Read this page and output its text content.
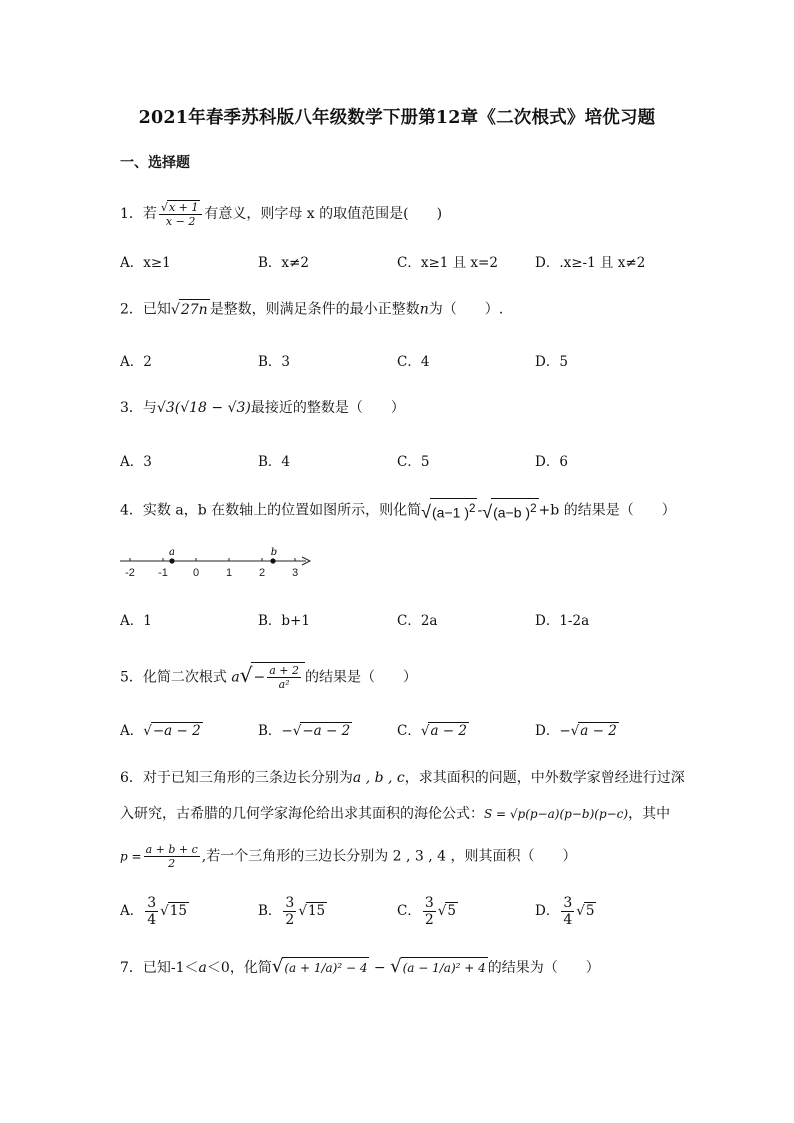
2021年春季苏科版八年级数学下册第12章《二次根式》培优习题
一、选择题
1．若 $\frac{√x + 1}{x - 2}$ 有意义，则字母 x 的取值范围是(　　)
A．x≥1	B．x≠2	C．x≥1 且 x=2	D．.x≥-1 且 x≠2
2．已知√27n 是整数，则满足条件的最小正整数n为（　　）.
A．2	B．3	C．4	D．5
3．与√3(√18 − √3)最接近的整数是（　　）
A．3	B．4	C．5	D．6
4．实数 a，b 在数轴上的位置如图所示，则化简√(a−1 )$^2$ -√(a−b )$^2$ +b 的结果是（　　）
-2 -1 0 1 2 3
a	b
A．1	B．b+1	C．2a	D．1-2a
5．化简二次根式 $a√- \frac{a + 2}{\text{a²}}$ 的结果是（　　）
A．√−a − 2	B．−√−a − 2	C．√a − 2	D．−√a − 2
6．对于已知三角形的三条边长分别为a , b , c，求其面积的问题，中外数学家曾经进行过深
入研究，古希腊的几何学家海伦给出求其面积的海伦公式：S = √p(p−a)(p−b)(p−c)，其中
$p = \frac{a + b + c}{2}$ ,若一个三角形的三边长分别为 2 , 3 , 4 ，则其面积（　　）
A． $\frac{3}{4} √15$	B． $\frac{3}{2} √15$	C． $\frac{3}{2} √5$	D． $\frac{3}{4} √5$
7．已知-1＜a＜0，化简√(a + 1/a)² − 4 − √(a − 1/a)² + 4 的结果为（　　）
